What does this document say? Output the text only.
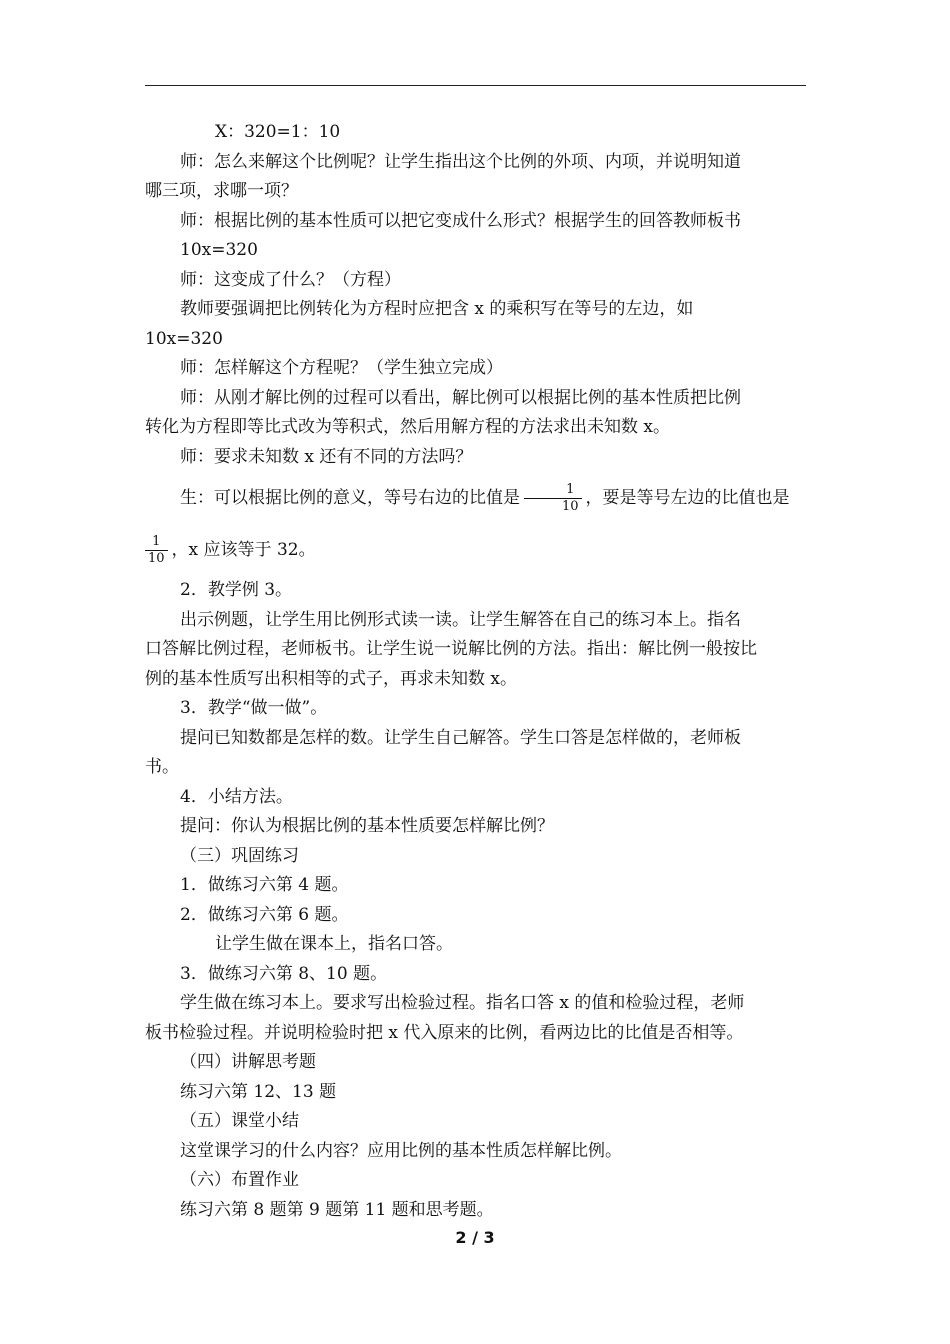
X：320=1：10

师：怎么来解这个比例呢？让学生指出这个比例的外项、内项，并说明知道

哪三项，求哪一项？

师：根据比例的基本性质可以把它变成什么形式？根据学生的回答教师板书

10x=320

师：这变成了什么？（方程）

教师要强调把比例转化为方程时应把含 x 的乘积写在等号的左边，如

10x=320

师：怎样解这个方程呢？（学生独立完成）

师：从刚才解比例的过程可以看出，解比例可以根据比例的基本性质把比例

转化为方程即等比式改为等积式，然后用解方程的方法求出未知数 x。

师：要求未知数 x 还有不同的方法吗？

生：可以根据比例的意义，等号右边的比值是 $\frac{1}{10}$ ，要是等号左边的比值也是

$\frac{1}{10}$ ，x 应该等于 32。

2．教学例 3。

出示例题，让学生用比例形式读一读。让学生解答在自己的练习本上。指名

口答解比例过程，老师板书。让学生说一说解比例的方法。指出：解比例一般按比

例的基本性质写出积相等的式子，再求未知数 x。

3．教学“做一做”。

提问已知数都是怎样的数。让学生自己解答。学生口答是怎样做的，老师板

书。

4．小结方法。

提问：你认为根据比例的基本性质要怎样解比例？

（三）巩固练习

1．做练习六第 4 题。

2．做练习六第 6 题。

让学生做在课本上，指名口答。

3．做练习六第 8、10 题。

学生做在练习本上。要求写出检验过程。指名口答 x 的值和检验过程，老师

板书检验过程。并说明检验时把 x 代入原来的比例，看两边比的比值是否相等。

（四）讲解思考题

练习六第 12、13 题

（五）课堂小结

这堂课学习的什么内容？应用比例的基本性质怎样解比例。

（六）布置作业

练习六第 8 题第 9 题第 11 题和思考题。

2 / 3
